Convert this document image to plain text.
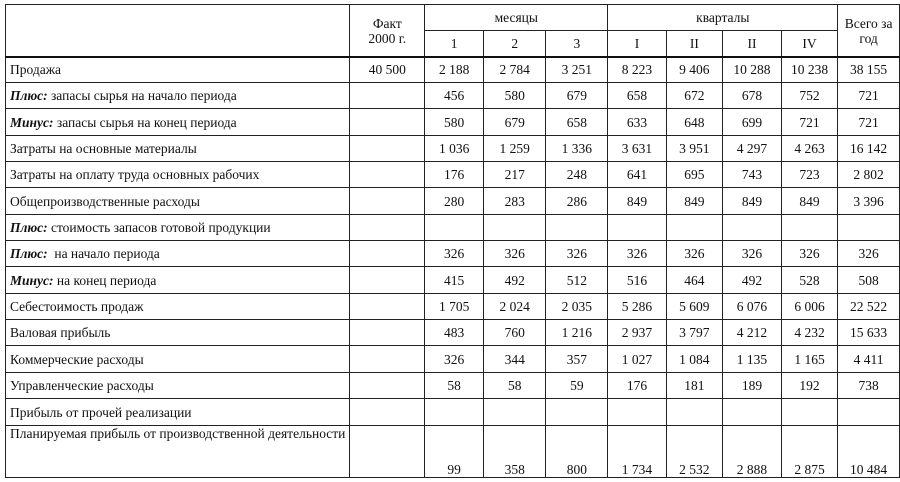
	Факт	месяцы			кварталы				Всего за
	2000 г.	1	2	3	I	II	II	IV	год
Продажа	40 500	2 188	2 784	3 251	8 223	9 406	10 288	10 238	38 155
Плюс: запасы сырья на начало периода		456	580	679	658	672	678	752	721
Минус: запасы сырья на конец периода		580	679	658	633	648	699	721	721
Затраты на основные материалы		1 036	1 259	1 336	3 631	3 951	4 297	4 263	16 142
Затраты на оплату труда основных рабочих		176	217	248	641	695	743	723	2 802
Общепроизводственные расходы		280	283	286	849	849	849	849	3 396
Плюс: стоимость запасов готовой продукции									
Плюс:  на начало периода		326	326	326	326	326	326	326	326
Минус: на конец периода		415	492	512	516	464	492	528	508
Себестоимость продаж		1 705	2 024	2 035	5 286	5 609	6 076	6 006	22 522
Валовая прибыль		483	760	1 216	2 937	3 797	4 212	4 232	15 633
Коммерческие расходы		326	344	357	1 027	1 084	1 135	1 165	4 411
Управленческие расходы		58	58	59	176	181	189	192	738
Прибыль от прочей реализации									

Планируемая прибыль от производственной деятельности		99	358	800	1 734	2 532	2 888	2 875	10 484
